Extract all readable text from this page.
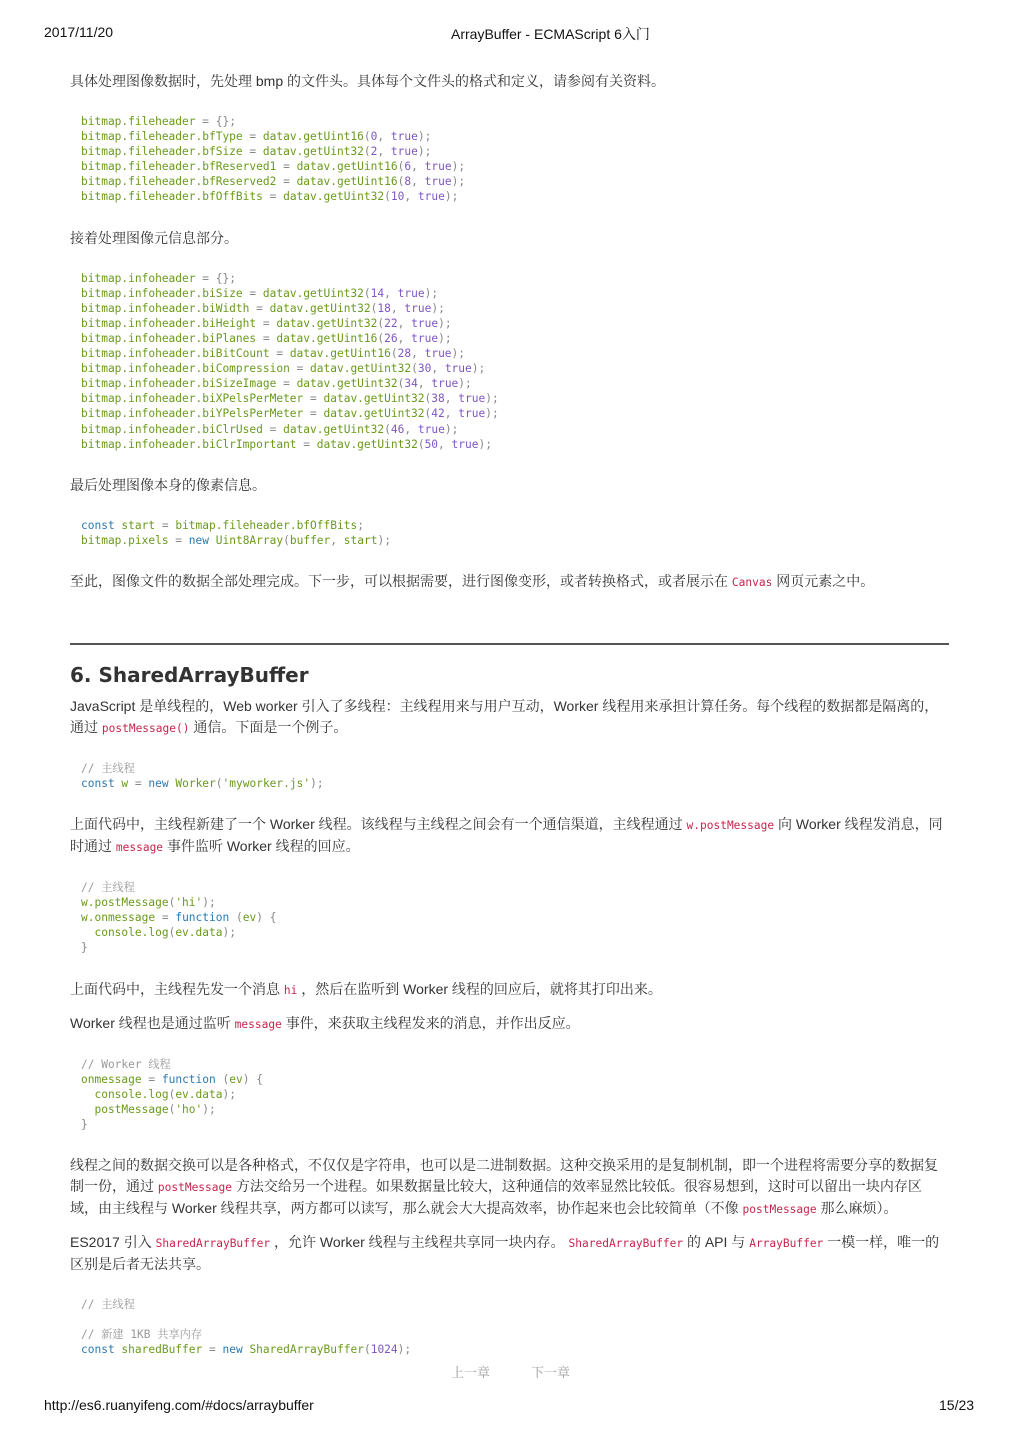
2017/11/20	ArrayBuffer - ECMAScript 6入门

具体处理图像数据时，先处理 bmp 的文件头。具体每个文件头的格式和定义，请参阅有关资料。

bitmap.fileheader = {};
bitmap.fileheader.bfType = datav.getUint16(0, true);
bitmap.fileheader.bfSize = datav.getUint32(2, true);
bitmap.fileheader.bfReserved1 = datav.getUint16(6, true);
bitmap.fileheader.bfReserved2 = datav.getUint16(8, true);
bitmap.fileheader.bfOffBits = datav.getUint32(10, true);

接着处理图像元信息部分。

bitmap.infoheader = {};
bitmap.infoheader.biSize = datav.getUint32(14, true);
bitmap.infoheader.biWidth = datav.getUint32(18, true);
bitmap.infoheader.biHeight = datav.getUint32(22, true);
bitmap.infoheader.biPlanes = datav.getUint16(26, true);
bitmap.infoheader.biBitCount = datav.getUint16(28, true);
bitmap.infoheader.biCompression = datav.getUint32(30, true);
bitmap.infoheader.biSizeImage = datav.getUint32(34, true);
bitmap.infoheader.biXPelsPerMeter = datav.getUint32(38, true);
bitmap.infoheader.biYPelsPerMeter = datav.getUint32(42, true);
bitmap.infoheader.biClrUsed = datav.getUint32(46, true);
bitmap.infoheader.biClrImportant = datav.getUint32(50, true);

最后处理图像本身的像素信息。

const start = bitmap.fileheader.bfOffBits;
bitmap.pixels = new Uint8Array(buffer, start);

至此，图像文件的数据全部处理完成。下一步，可以根据需要，进行图像变形，或者转换格式，或者展示在 Canvas 网页元素之中。

6. SharedArrayBuffer

JavaScript 是单线程的，Web worker 引入了多线程：主线程用来与用户互动，Worker 线程用来承担计算任务。每个线程的数据都是隔离的，通过 postMessage() 通信。下面是一个例子。

// 主线程
const w = new Worker('myworker.js');

上面代码中，主线程新建了一个 Worker 线程。该线程与主线程之间会有一个通信渠道，主线程通过 w.postMessage 向 Worker 线程发消息，同时通过 message 事件监听 Worker 线程的回应。

// 主线程
w.postMessage('hi');
w.onmessage = function (ev) {
console.log(ev.data);
}

上面代码中，主线程先发一个消息 hi ，然后在监听到 Worker 线程的回应后，就将其打印出来。

Worker 线程也是通过监听 message 事件，来获取主线程发来的消息，并作出反应。

// Worker 线程
onmessage = function (ev) {
console.log(ev.data);
postMessage('ho');
}

线程之间的数据交换可以是各种格式，不仅仅是字符串，也可以是二进制数据。这种交换采用的是复制机制，即一个进程将需要分享的数据复制一份，通过 postMessage 方法交给另一个进程。如果数据量比较大，这种通信的效率显然比较低。很容易想到，这时可以留出一块内存区域，由主线程与 Worker 线程共享，两方都可以读写，那么就会大大提高效率，协作起来也会比较简单（不像 postMessage 那么麻烦）。

ES2017 引入 SharedArrayBuffer ，允许 Worker 线程与主线程共享同一块内存。 SharedArrayBuffer 的 API 与 ArrayBuffer 一模一样，唯一的区别是后者无法共享。

// 主线程
// 新建 1KB 共享内存
const sharedBuffer = new SharedArrayBuffer(1024);
上一章	下一章
http://es6.ruanyifeng.com/#docs/arraybuffer	15/23
